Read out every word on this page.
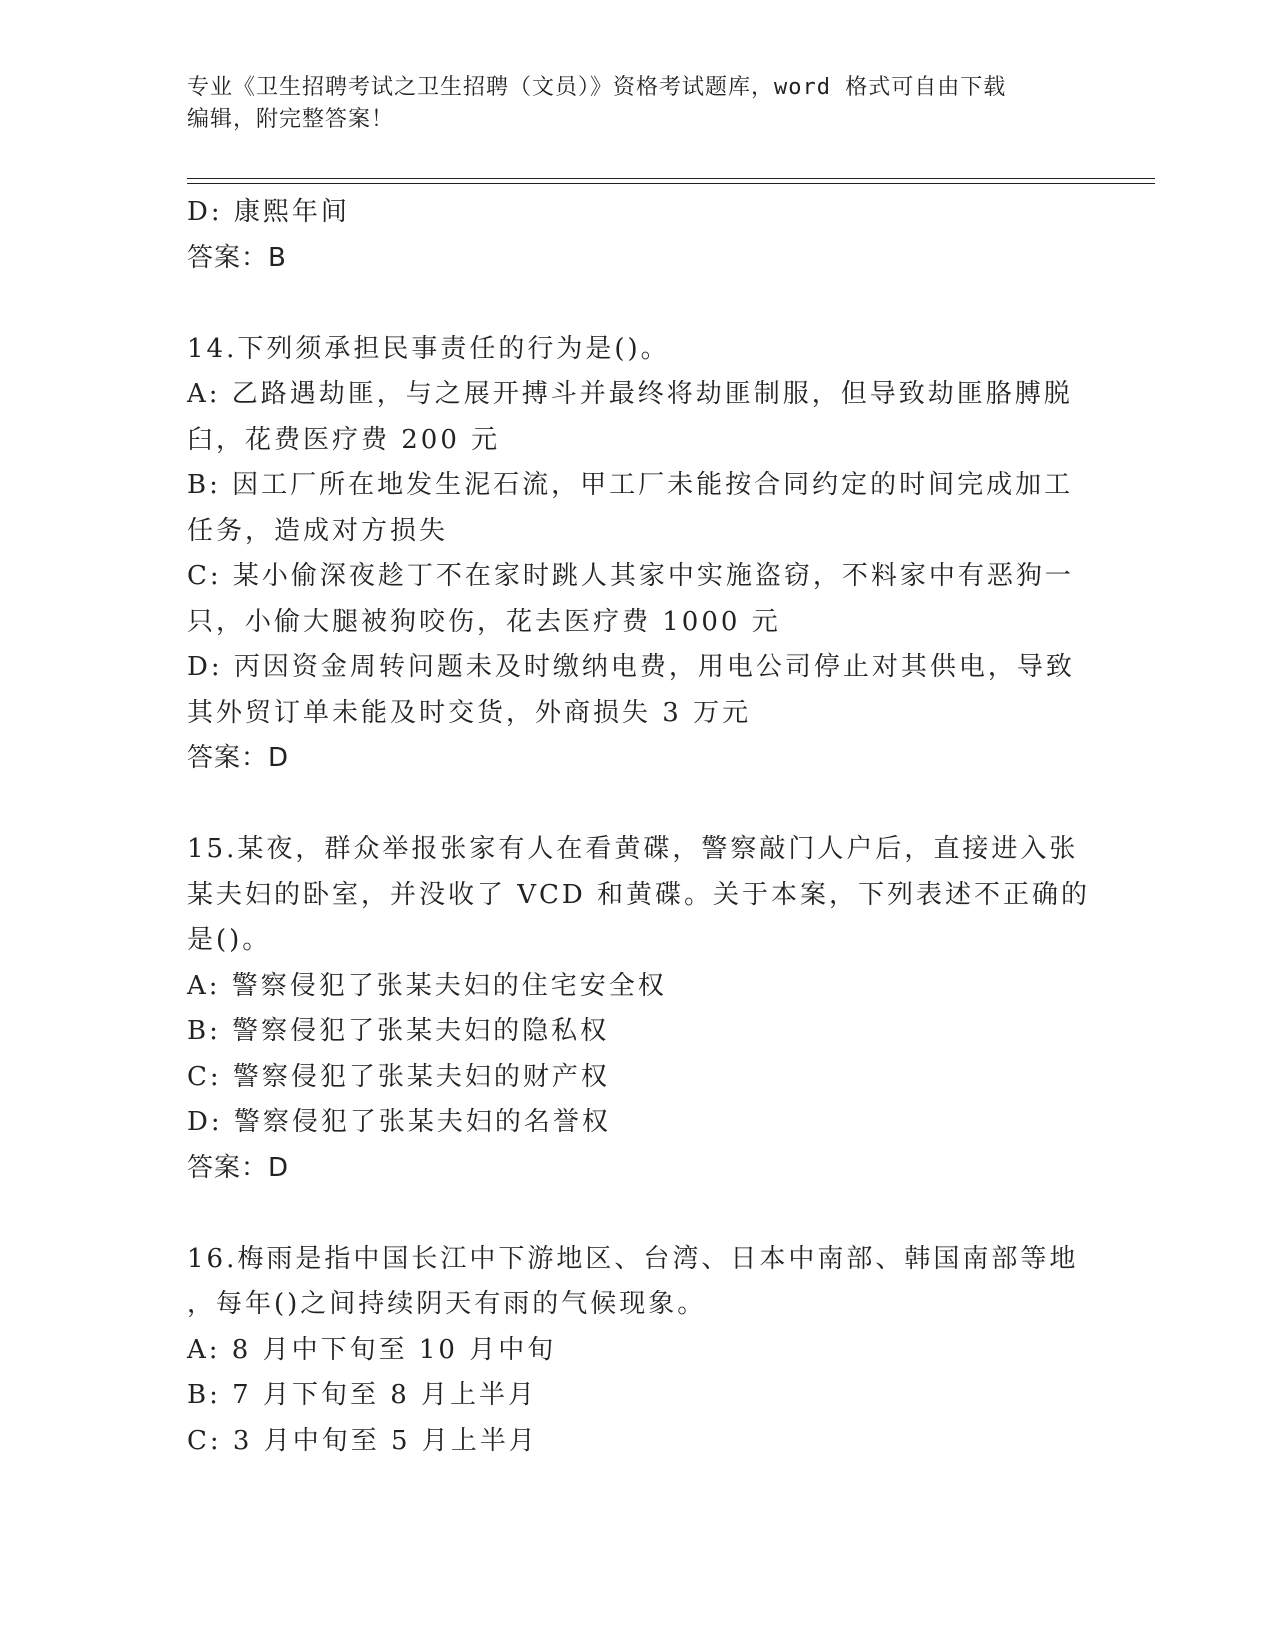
专业《卫生招聘考试之卫生招聘（文员）》资格考试题库，word 格式可自由下载
编辑，附完整答案！
D: 康熙年间
答案：B
14.下列须承担民事责任的行为是()。
A: 乙路遇劫匪，与之展开搏斗并最终将劫匪制服，但导致劫匪胳膊脱
臼，花费医疗费 200 元
B: 因工厂所在地发生泥石流，甲工厂未能按合同约定的时间完成加工
任务，造成对方损失
C: 某小偷深夜趁丁不在家时跳人其家中实施盗窃，不料家中有恶狗一
只，小偷大腿被狗咬伤，花去医疗费 1000 元
D: 丙因资金周转问题未及时缴纳电费，用电公司停止对其供电，导致
其外贸订单未能及时交货，外商损失 3 万元
答案：D
15.某夜，群众举报张家有人在看黄碟，警察敲门人户后，直接进入张
某夫妇的卧室，并没收了 VCD 和黄碟。关于本案，下列表述不正确的
是()。
A: 警察侵犯了张某夫妇的住宅安全权
B: 警察侵犯了张某夫妇的隐私权
C: 警察侵犯了张某夫妇的财产权
D: 警察侵犯了张某夫妇的名誉权
答案：D
16.梅雨是指中国长江中下游地区、台湾、日本中南部、韩国南部等地
，每年()之间持续阴天有雨的气候现象。
A: 8 月中下旬至 10 月中旬
B: 7 月下旬至 8 月上半月
C: 3 月中旬至 5 月上半月
